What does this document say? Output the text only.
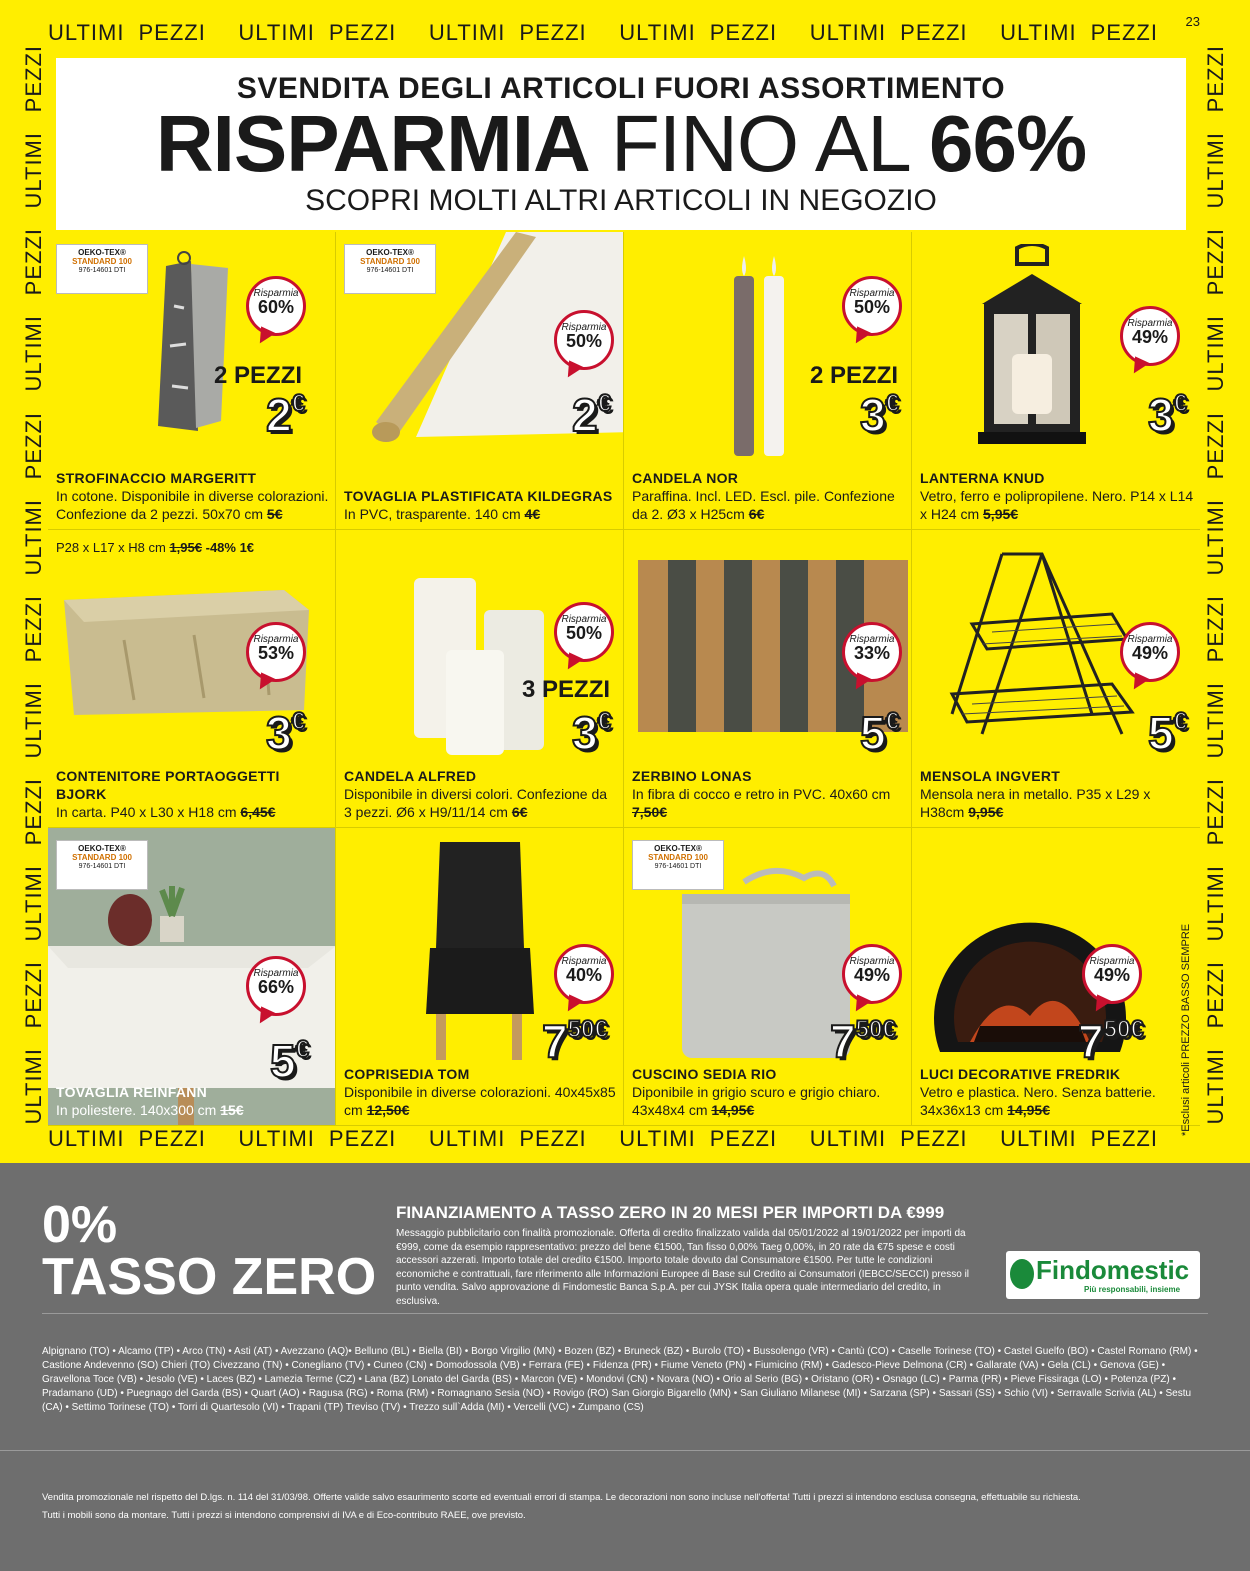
23
ULTIMI PEZZI ULTIMI PEZZI ULTIMI PEZZI ULTIMI PEZZI ULTIMI PEZZI ULTIMI PEZZI
PEZZI
ULTIMI
PEZZI
ULTIMI
PEZZI
ULTIMI
PEZZI
ULTIMI
PEZZI
ULTIMI
PEZZI
ULTIMI
PEZZI
ULTIMI
PEZZI
ULTIMI
PEZZI
ULTIMI
PEZZI
ULTIMI
PEZZI
ULTIMI
PEZZI
ULTIMI
SVENDITA DEGLI ARTICOLI FUORI ASSORTIMENTO
RISPARMIA FINO AL 66%
SCOPRI MOLTI ALTRI ARTICOLI IN NEGOZIO
OEKO-TEX®
STANDARD 100
976-14601 DTI
Risparmia
60%
2 PEZZI
2€
STROFINACCIO MARGERITT
In cotone. Disponibile in diverse colorazioni. Confezione da 2 pezzi. 50x70 cm 5€
OEKO-TEX®
STANDARD 100
976-14601 DTI
Risparmia
50%
2€
TOVAGLIA PLASTIFICATA KILDEGRAS
In PVC, trasparente. 140 cm 4€
Risparmia
50%
2 PEZZI
3€
CANDELA NOR
Paraffina. Incl. LED. Escl. pile. Confezione da 2. Ø3 x H25cm 6€
Risparmia
49%
3€
LANTERNA KNUD
Vetro, ferro e polipropilene. Nero. P14 x L14 x H24 cm 5,95€
P28 x L17 x H8 cm 1,95€ -48% 1€
Risparmia
53%
3€
CONTENITORE PORTAOGGETTI BJORK
In carta. P40 x L30 x H18 cm 6,45€
Risparmia
50%
3 PEZZI
3€
CANDELA ALFRED
Disponibile in diversi colori. Confezione da 3 pezzi. Ø6 x H9/11/14 cm 6€
Risparmia
33%
5€
ZERBINO LONAS
In fibra di cocco e retro in PVC. 40x60 cm 7,50€
Risparmia
49%
5€
MENSOLA INGVERT
Mensola nera in metallo. P35 x L29 x H38cm 9,95€
OEKO-TEX®
STANDARD 100
976-14601 DTI
Risparmia
66%
5€
TOVAGLIA REINFANN
In poliestere. 140x300 cm 15€
Risparmia
40%
750€
COPRISEDIA TOM
Disponibile in diverse colorazioni. 40x45x85 cm 12,50€
OEKO-TEX®
STANDARD 100
976-14601 DTI
Risparmia
49%
750€
CUSCINO SEDIA RIO
Diponibile in grigio scuro e grigio chiaro. 43x48x4 cm 14,95€
Risparmia
49%
750€
LUCI DECORATIVE FREDRIK
Vetro e plastica. Nero. Senza batterie. 34x36x13 cm 14,95€	*Esclusi articoli PREZZO BASSO SEMPRE
ULTIMI PEZZI ULTIMI PEZZI ULTIMI PEZZI ULTIMI PEZZI ULTIMI PEZZI ULTIMI PEZZI
0%
TASSO ZERO
FINANZIAMENTO A TASSO ZERO IN 20 MESI PER IMPORTI DA €999
Messaggio pubblicitario con finalità promozionale. Offerta di credito finalizzato valida dal 05/01/2022 al 19/01/2022 per importi da €999, come da esempio rappresentativo: prezzo del bene €1500, Tan fisso 0,00% Taeg 0,00%, in 20 rate da €75 spese e costi accessori azzerati. Importo totale del credito €1500. Importo totale dovuto dal Consumatore €1500. Per tutte le condizioni economiche e contrattuali, fare riferimento alle Informazioni Europee di Base sul Credito ai Consumatori (IEBCC/SECCI) presso il punto vendita. Salvo approvazione di Findomestic Banca S.p.A. per cui JYSK Italia opera quale intermediario del credito, in esclusiva.
Findomestic
Più responsabili, insieme
Alpignano (TO) • Alcamo (TP) • Arco (TN) • Asti (AT) • Avezzano (AQ)• Belluno (BL) • Biella (BI) • Borgo Virgilio (MN) • Bozen (BZ) • Bruneck (BZ) • Burolo (TO) • Bussolengo (VR) • Cantù (CO) • Caselle Torinese (TO) • Castel Guelfo (BO) • Castel Romano (RM) • Castione Andevenno (SO) Chieri (TO) Civezzano (TN) • Conegliano (TV) • Cuneo (CN) • Domodossola (VB) • Ferrara (FE) • Fidenza (PR) • Fiume Veneto (PN) • Fiumicino (RM) • Gadesco-Pieve Delmona (CR) • Gallarate (VA) • Gela (CL) • Genova (GE) • Gravellona Toce (VB) • Jesolo (VE) • Laces (BZ) • Lamezia Terme (CZ) • Lana (BZ) Lonato del Garda (BS) • Marcon (VE) • Mondovi (CN) • Novara (NO) • Orio al Serio (BG) • Oristano (OR) • Osnago (LC) • Parma (PR) • Pieve Fissiraga (LO) • Potenza (PZ) • Pradamano (UD) • Puegnago del Garda (BS) • Quart (AO) • Ragusa (RG) • Roma (RM) • Romagnano Sesia (NO) • Rovigo (RO) San Giorgio Bigarello (MN) • San Giuliano Milanese (MI) • Sarzana (SP) • Sassari (SS) • Schio (VI) • Serravalle Scrivia (AL) • Sestu (CA) • Settimo Torinese (TO) • Torri di Quartesolo (VI) • Trapani (TP) Treviso (TV) • Trezzo sull`Adda (MI) • Vercelli (VC) • Zumpano (CS)
Vendita promozionale nel rispetto del D.lgs. n. 114 del 31/03/98. Offerte valide salvo esaurimento scorte ed eventuali errori di stampa. Le decorazioni non sono incluse nell'offerta! Tutti i prezzi si intendono esclusa consegna, effettuabile su richiesta.
Tutti i mobili sono da montare. Tutti i prezzi si intendono comprensivi di IVA e di Eco-contributo RAEE, ove previsto.
